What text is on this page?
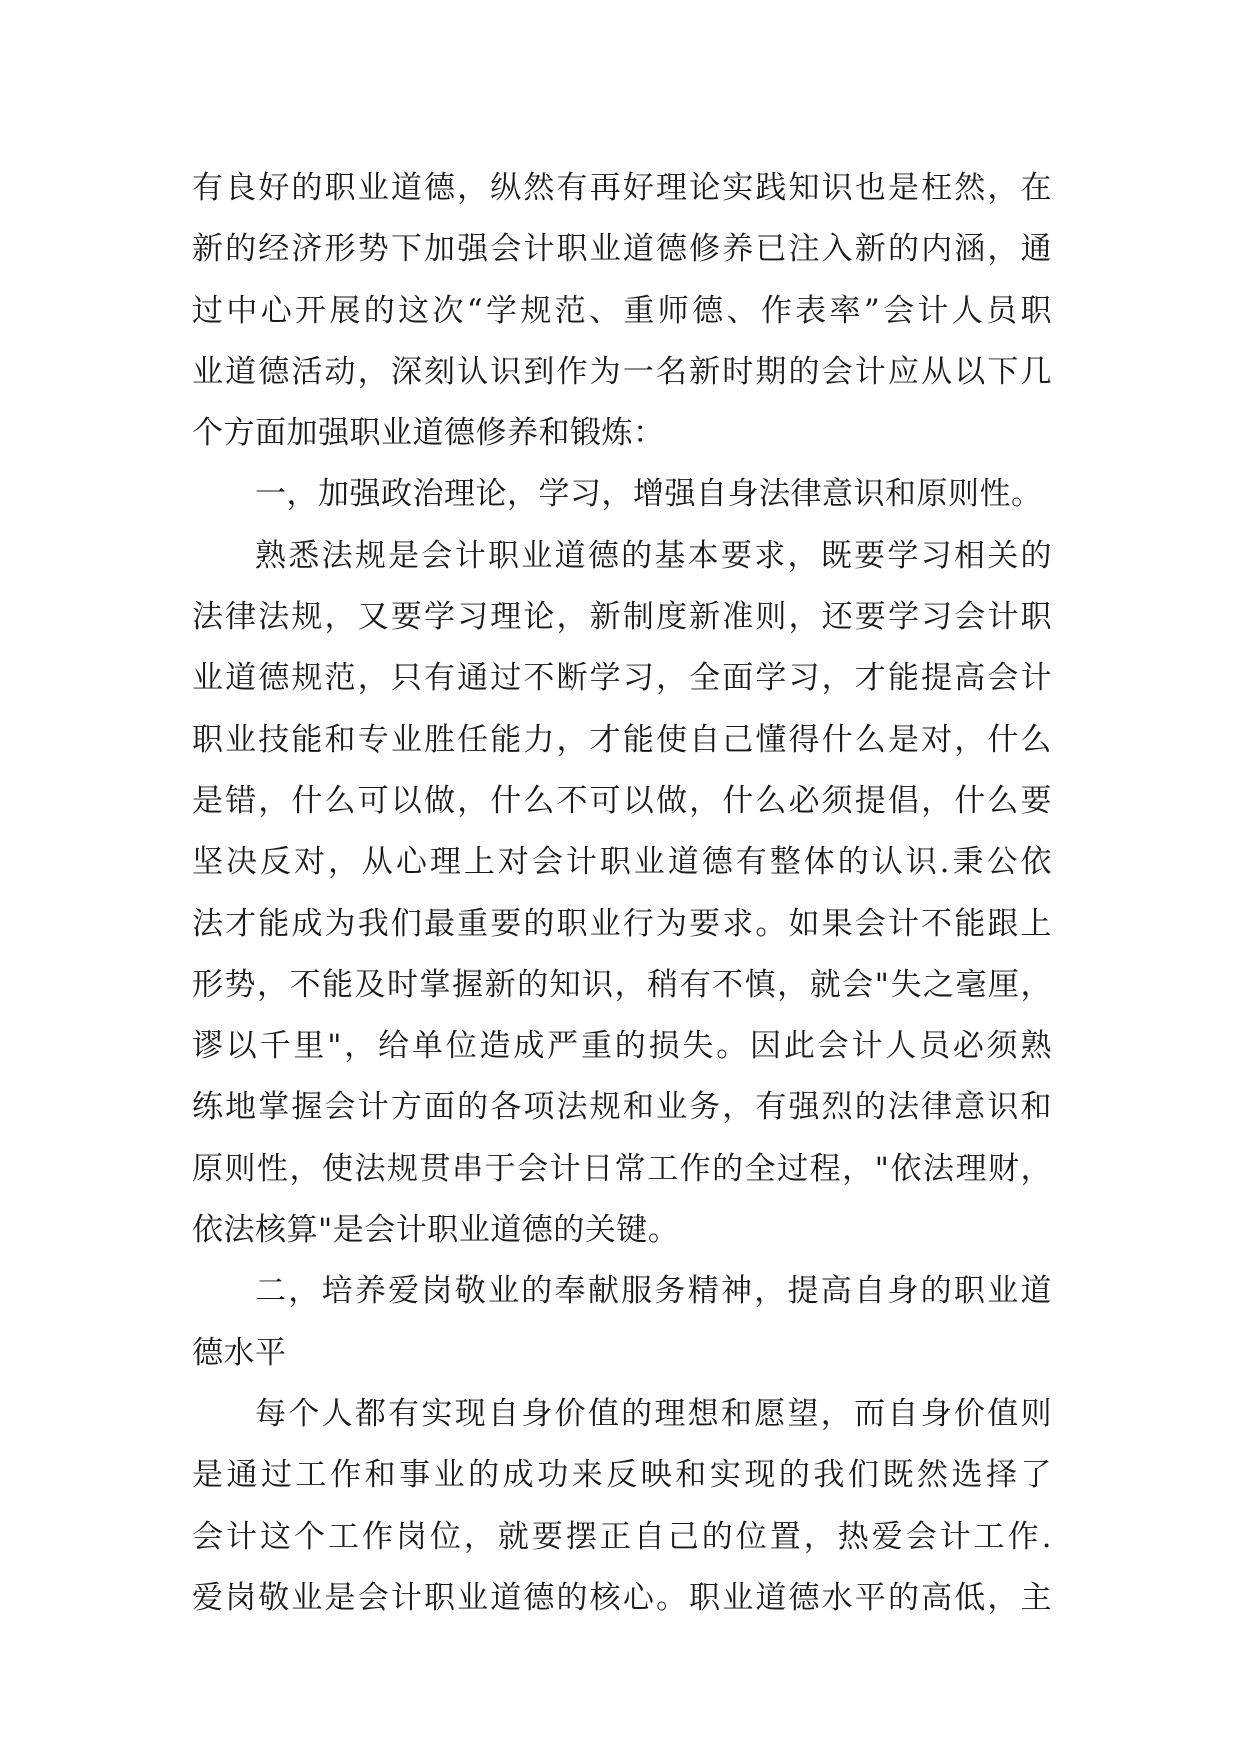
有良好的职业道德，纵然有再好理论实践知识也是枉然，在
新的经济形势下加强会计职业道德修养已注入新的内涵，通
过中心开展的这次“学规范、重师德、作表率”会计人员职
业道德活动，深刻认识到作为一名新时期的会计应从以下几
个方面加强职业道德修养和锻炼：
一，加强政治理论，学习，增强自身法律意识和原则性。
熟悉法规是会计职业道德的基本要求，既要学习相关的
法律法规，又要学习理论，新制度新准则，还要学习会计职
业道德规范，只有通过不断学习，全面学习，才能提高会计
职业技能和专业胜任能力，才能使自己懂得什么是对，什么
是错，什么可以做，什么不可以做，什么必须提倡，什么要
坚决反对，从心理上对会计职业道德有整体的认识.秉公依
法才能成为我们最重要的职业行为要求。如果会计不能跟上
形势，不能及时掌握新的知识，稍有不慎，就会"失之毫厘，
谬以千里"，给单位造成严重的损失。因此会计人员必须熟
练地掌握会计方面的各项法规和业务，有强烈的法律意识和
原则性，使法规贯串于会计日常工作的全过程，"依法理财，
依法核算"是会计职业道德的关键。
二，培养爱岗敬业的奉献服务精神，提高自身的职业道
德水平
每个人都有实现自身价值的理想和愿望，而自身价值则
是通过工作和事业的成功来反映和实现的我们既然选择了
会计这个工作岗位，就要摆正自己的位置，热爱会计工作.
爱岗敬业是会计职业道德的核心。职业道德水平的高低，主
